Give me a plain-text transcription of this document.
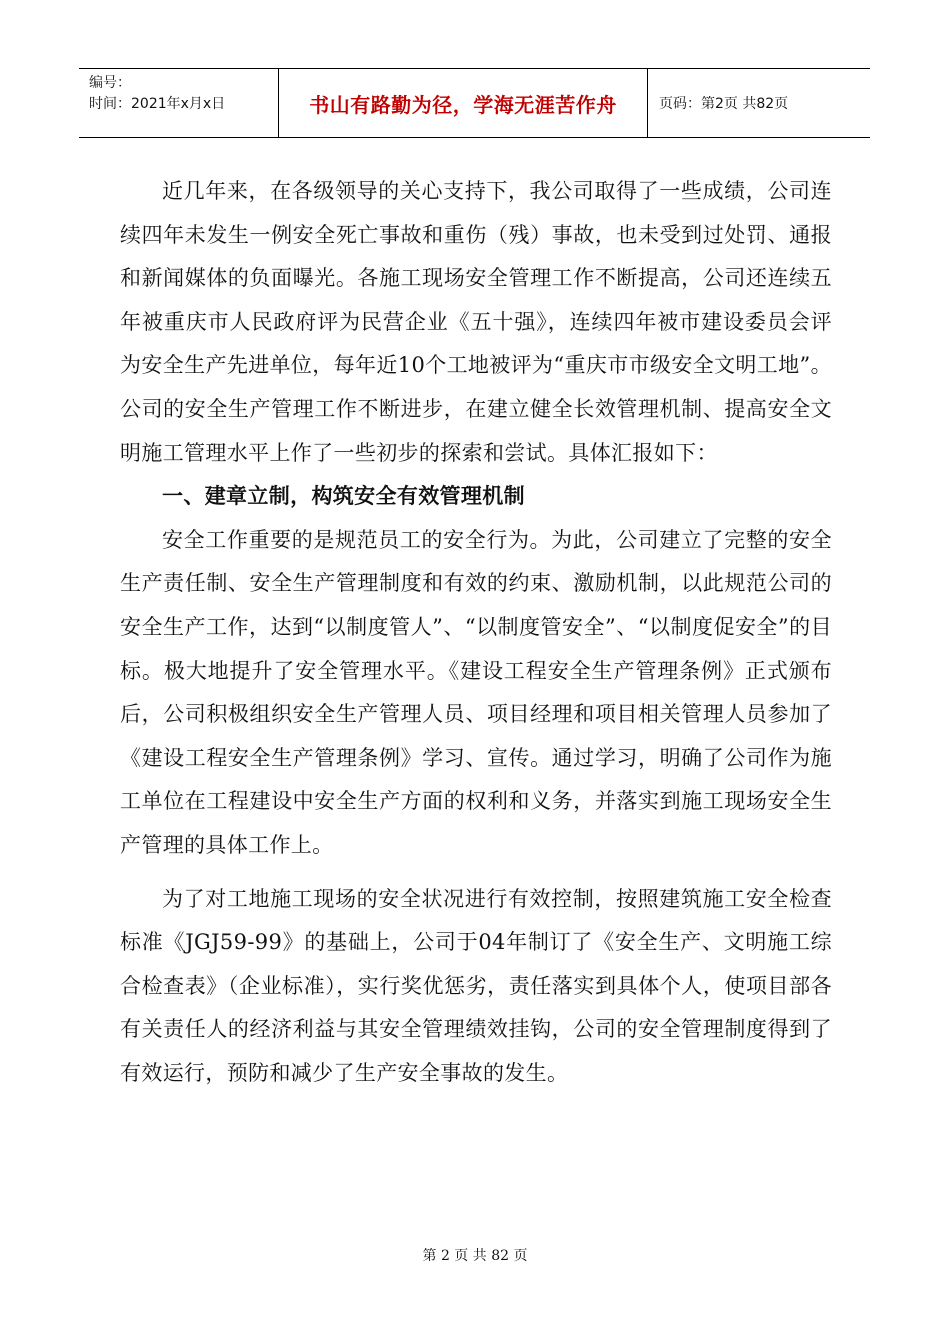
编号：
时间：2021年x月x日	书山有路勤为径，学海无涯苦作舟	页码：第2页 共82页

近几年来，在各级领导的关心支持下，我公司取得了一些成绩，公司连续四年未发生一例安全死亡事故和重伤（残）事故，也未受到过处罚、通报和新闻媒体的负面曝光。各施工现场安全管理工作不断提高，公司还连续五年被重庆市人民政府评为民营企业《五十强》，连续四年被市建设委员会评为安全生产先进单位，每年近10个工地被评为“重庆市市级安全文明工地”。公司的安全生产管理工作不断进步，在建立健全长效管理机制、提高安全文明施工管理水平上作了一些初步的探索和尝试。具体汇报如下：

一、建章立制，构筑安全有效管理机制

安全工作重要的是规范员工的安全行为。为此，公司建立了完整的安全生产责任制、安全生产管理制度和有效的约束、激励机制，以此规范公司的安全生产工作，达到“以制度管人”、“以制度管安全”、“以制度促安全”的目标。极大地提升了安全管理水平。《建设工程安全生产管理条例》正式颁布后，公司积极组织安全生产管理人员、项目经理和项目相关管理人员参加了《建设工程安全生产管理条例》学习、宣传。通过学习，明确了公司作为施工单位在工程建设中安全生产方面的权利和义务，并落实到施工现场安全生产管理的具体工作上。

为了对工地施工现场的安全状况进行有效控制，按照建筑施工安全检查标准《JGJ59-99》的基础上，公司于04年制订了《安全生产、文明施工综合检查表》（企业标准），实行奖优惩劣，责任落实到具体个人，使项目部各有关责任人的经济利益与其安全管理绩效挂钩，公司的安全管理制度得到了有效运行，预防和减少了生产安全事故的发生。

第 2 页 共 82 页
